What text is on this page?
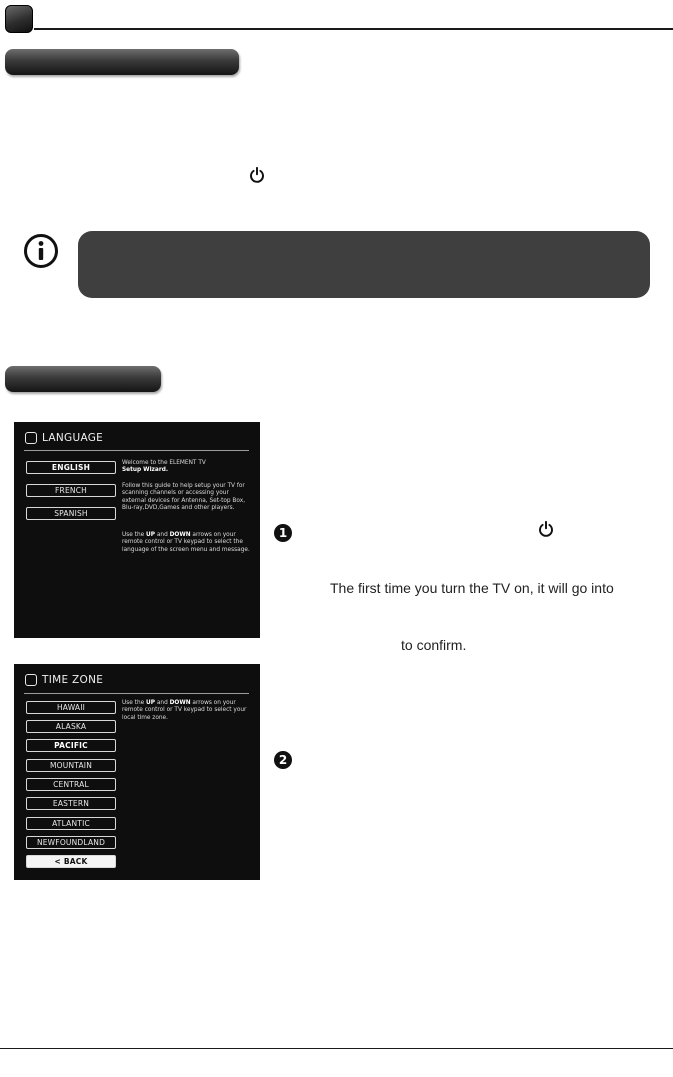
LANGUAGE
ENGLISH
FRENCH
SPANISH
Welcome to the ELEMENT TV
Setup Wizard.
Follow this guide to help setup your TV for scanning channels or accessing your external devices for Antenna, Set-top Box, Blu-ray,DVD,Games and other players.
Use the UP and DOWN arrows on your remote control or TV keypad to select the language of the screen menu and message.
TIME ZONE
HAWAII
ALASKA
PACIFIC
MOUNTAIN
CENTRAL
EASTERN
ATLANTIC
NEWFOUNDLAND
< BACK
Use the UP and DOWN arrows on your remote control or TV keypad to select your local time zone.
1
The first time you turn the TV on, it will go into
to confirm.
2
